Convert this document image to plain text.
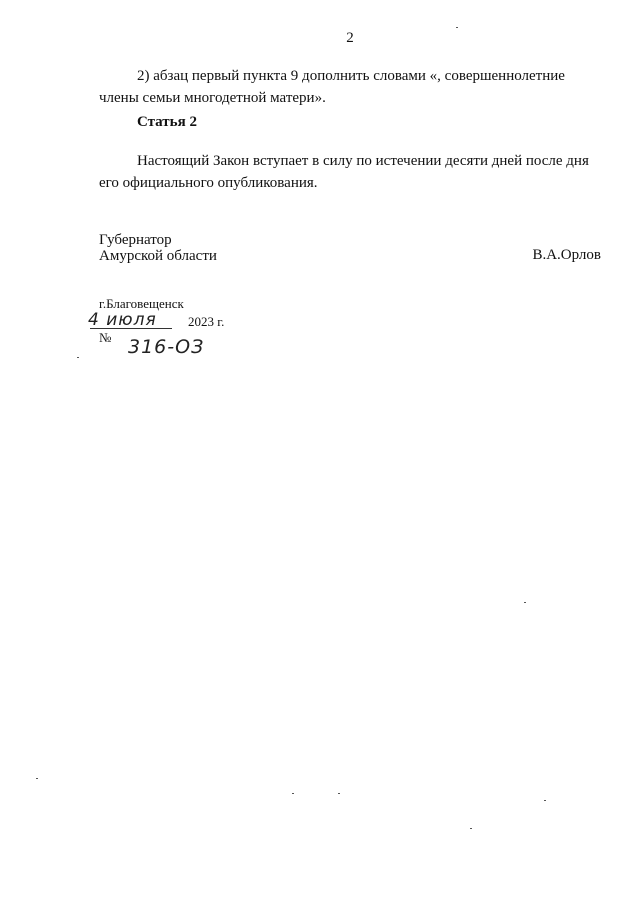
2

2) абзац первый пункта 9 дополнить словами «, совершеннолетние
члены семьи многодетной матери».

Статья 2

Настоящий Закон вступает в силу по истечении десяти дней после дня
его официального опубликования.

Губернатор
Амурской области	В.А.Орлов
г.Благовещенск
4 июля 2023 г.
№ 316-ОЗ
